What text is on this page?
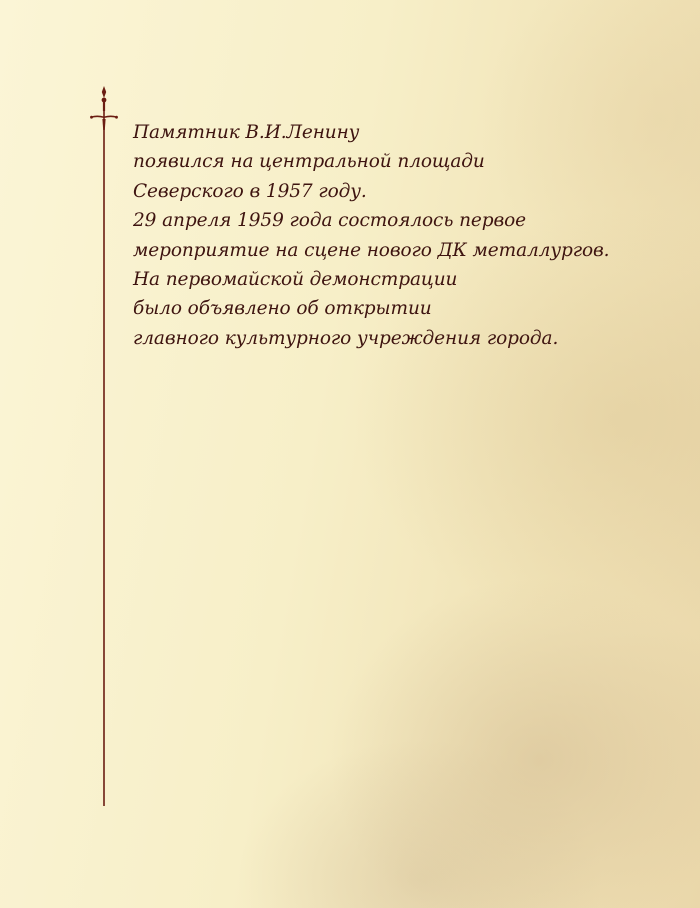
Памятник В.И.Ленину
появился на центральной площади
Северского в 1957 году.
29 апреля 1959 года состоялось первое
мероприятие на сцене нового ДК металлургов.
На первомайской демонстрации
было объявлено об открытии
главного культурного учреждения города.
